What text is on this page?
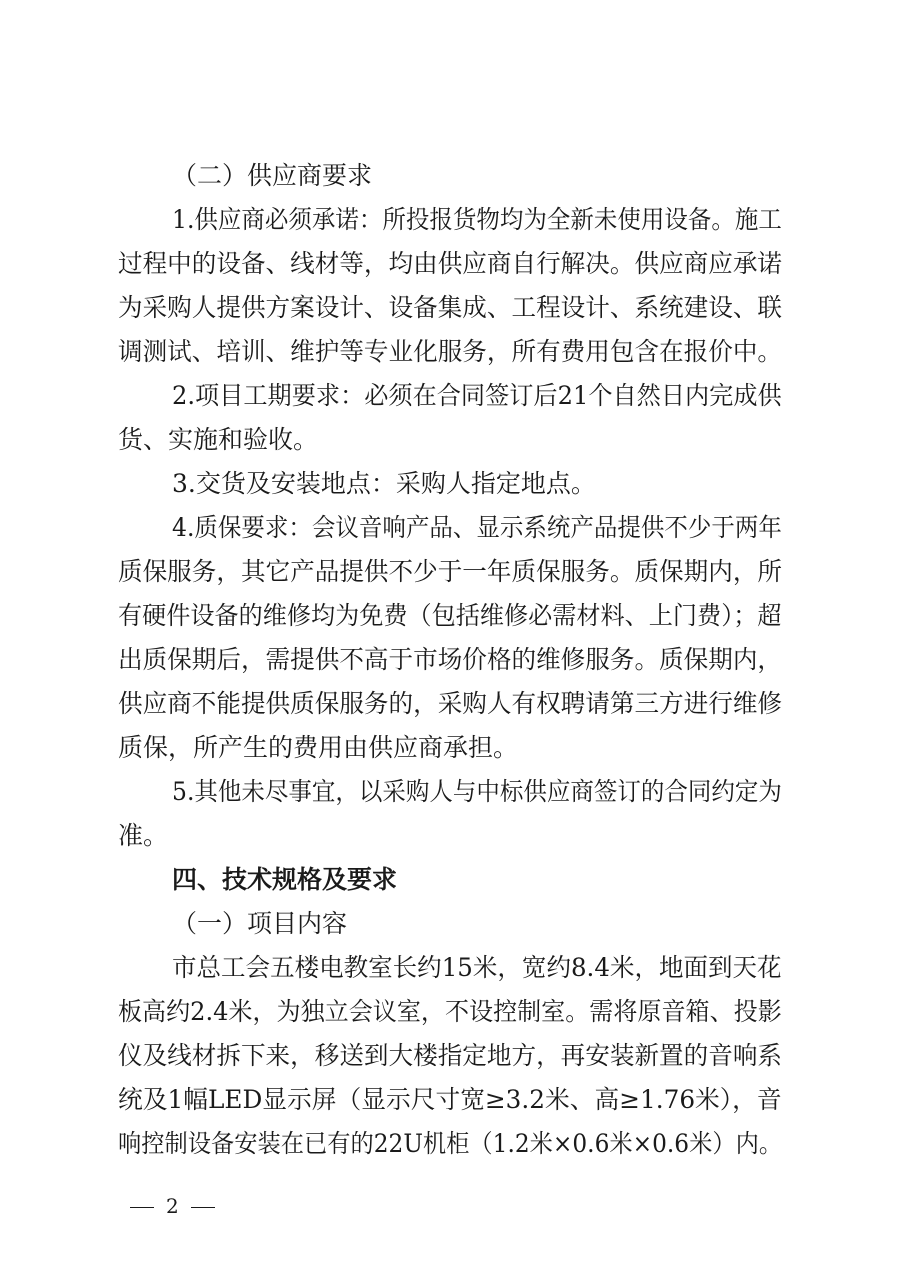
（二）供应商要求
1.供应商必须承诺：所投报货物均为全新未使用设备。施工
过程中的设备、线材等，均由供应商自行解决。供应商应承诺
为采购人提供方案设计、设备集成、工程设计、系统建设、联
调测试、培训、维护等专业化服务，所有费用包含在报价中。
2.项目工期要求：必须在合同签订后21个自然日内完成供
货、实施和验收。
3.交货及安装地点：采购人指定地点。
4.质保要求：会议音响产品、显示系统产品提供不少于两年
质保服务，其它产品提供不少于一年质保服务。质保期内，所
有硬件设备的维修均为免费（包括维修必需材料、上门费）；超
出质保期后，需提供不高于市场价格的维修服务。质保期内，
供应商不能提供质保服务的，采购人有权聘请第三方进行维修
质保，所产生的费用由供应商承担。
5.其他未尽事宜，以采购人与中标供应商签订的合同约定为
准。
四、技术规格及要求
（一）项目内容
市总工会五楼电教室长约15米，宽约8.4米，地面到天花
板高约2.4米，为独立会议室，不设控制室。需将原音箱、投影
仪及线材拆下来，移送到大楼指定地方，再安装新置的音响系
统及1幅LED显示屏（显示尺寸宽≥3.2米、高≥1.76米），音
响控制设备安装在已有的22U机柜（1.2米×0.6米×0.6米）内。
2
